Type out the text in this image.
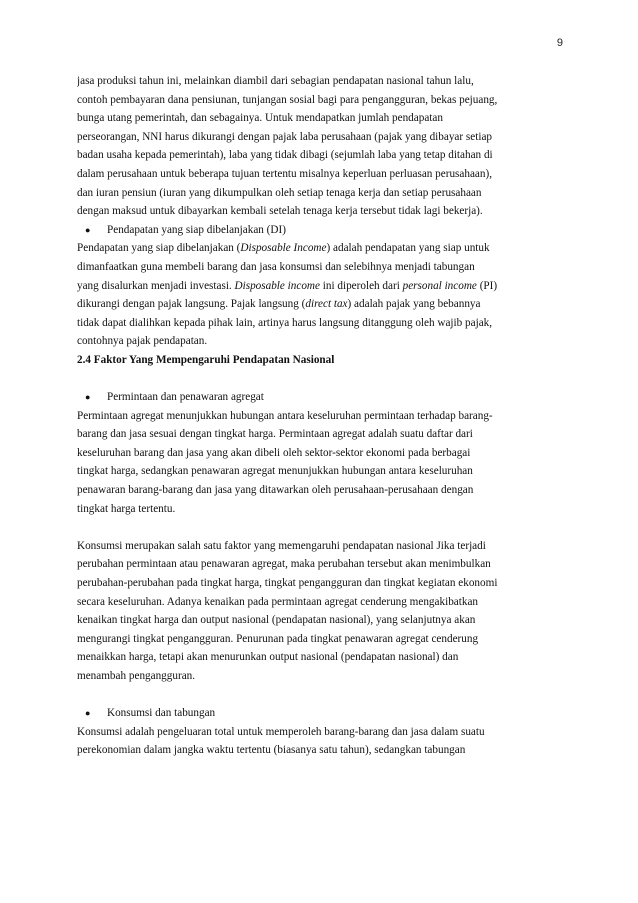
9
jasa produksi tahun ini, melainkan diambil dari sebagian pendapatan nasional tahun lalu,
contoh pembayaran dana pensiunan, tunjangan sosial bagi para pengangguran, bekas pejuang,
bunga utang pemerintah, dan sebagainya. Untuk mendapatkan jumlah pendapatan
perseorangan, NNI harus dikurangi dengan pajak laba perusahaan (pajak yang dibayar setiap
badan usaha kepada pemerintah), laba yang tidak dibagi (sejumlah laba yang tetap ditahan di
dalam perusahaan untuk beberapa tujuan tertentu misalnya keperluan perluasan perusahaan),
dan iuran pensiun (iuran yang dikumpulkan oleh setiap tenaga kerja dan setiap perusahaan
dengan maksud untuk dibayarkan kembali setelah tenaga kerja tersebut tidak lagi bekerja).
● Pendapatan yang siap dibelanjakan (DI)
Pendapatan yang siap dibelanjakan (Disposable Income) adalah pendapatan yang siap untuk
dimanfaatkan guna membeli barang dan jasa konsumsi dan selebihnya menjadi tabungan
yang disalurkan menjadi investasi. Disposable income ini diperoleh dari personal income (PI)
dikurangi dengan pajak langsung. Pajak langsung (direct tax) adalah pajak yang bebannya
tidak dapat dialihkan kepada pihak lain, artinya harus langsung ditanggung oleh wajib pajak,
contohnya pajak pendapatan.
2.4 Faktor Yang Mempengaruhi Pendapatan Nasional
● Permintaan dan penawaran agregat
Permintaan agregat menunjukkan hubungan antara keseluruhan permintaan terhadap barang-
barang dan jasa sesuai dengan tingkat harga. Permintaan agregat adalah suatu daftar dari
keseluruhan barang dan jasa yang akan dibeli oleh sektor-sektor ekonomi pada berbagai
tingkat harga, sedangkan penawaran agregat menunjukkan hubungan antara keseluruhan
penawaran barang-barang dan jasa yang ditawarkan oleh perusahaan-perusahaan dengan
tingkat harga tertentu.
Konsumsi merupakan salah satu faktor yang memengaruhi pendapatan nasional Jika terjadi
perubahan permintaan atau penawaran agregat, maka perubahan tersebut akan menimbulkan
perubahan-perubahan pada tingkat harga, tingkat pengangguran dan tingkat kegiatan ekonomi
secara keseluruhan. Adanya kenaikan pada permintaan agregat cenderung mengakibatkan
kenaikan tingkat harga dan output nasional (pendapatan nasional), yang selanjutnya akan
mengurangi tingkat pengangguran. Penurunan pada tingkat penawaran agregat cenderung
menaikkan harga, tetapi akan menurunkan output nasional (pendapatan nasional) dan
menambah pengangguran.
● Konsumsi dan tabungan
Konsumsi adalah pengeluaran total untuk memperoleh barang-barang dan jasa dalam suatu
perekonomian dalam jangka waktu tertentu (biasanya satu tahun), sedangkan tabungan
